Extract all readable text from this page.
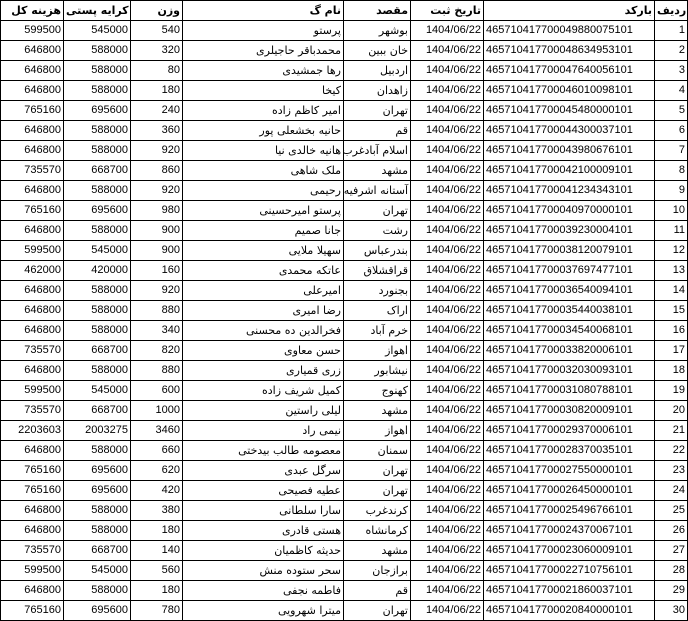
هزینه کل	کرایه پستی	وزن	نام گ	مقصد	تاریخ ثبت	بارکد	ردیف
599500	545000	540	پرستو	بوشهر	1404/06/22	465710417700049880075101	1
646800	588000	320	محمدباقر حاجیلری	خان ببین	1404/06/22	465710417700048634953101	2
646800	588000	80	رها جمشیدی	اردبیل	1404/06/22	465710417700047640056101	3
646800	588000	180	کیخا	زاهدان	1404/06/22	465710417700046010098101	4
765160	695600	240	امیر کاظم زاده	تهران	1404/06/22	465710417700045480000101	5
646800	588000	360	حانیه بخشعلی پور	قم	1404/06/22	465710417700044300037101	6
646800	588000	920	هانیه خالدی نیا	اسلام آبادغرب	1404/06/22	465710417700043980676101	7
735570	668700	860	ملک شاهی	مشهد	1404/06/22	465710417700042100009101	8
646800	588000	920	رحیمی	آستانه اشرفیه	1404/06/22	465710417700041234343101	9
765160	695600	980	پرستو امیرحسینی	تهران	1404/06/22	465710417700040970000101	10
646800	588000	900	جانا صمیم	رشت	1404/06/22	465710417700039230004101	11
599500	545000	900	سهیلا ملایی	بندرعباس	1404/06/22	465710417700038120079101	12
462000	420000	160	عاتکه محمدی	قراقشلاق	1404/06/22	465710417700037697477101	13
646800	588000	920	امیرعلی	بجنورد	1404/06/22	465710417700036540094101	14
646800	588000	880	رضا امیری	اراک	1404/06/22	465710417700035440038101	15
646800	588000	340	فخرالدین ده محسنی	خرم آباد	1404/06/22	465710417700034540068101	16
735570	668700	820	حسن معاوی	اهواز	1404/06/22	465710417700033820006101	17
646800	588000	880	زری قمیاری	نیشابور	1404/06/22	465710417700032030093101	18
599500	545000	600	کمیل شریف زاده	کهنوج	1404/06/22	465710417700031080788101	19
735570	668700	1000	لیلی راستین	مشهد	1404/06/22	465710417700030820009101	20
2203603	2003275	3460	نیمی راد	اهواز	1404/06/22	465710417700029370006101	21
646800	588000	660	معصومه طالب بیدختی	سمنان	1404/06/22	465710417700028370035101	22
765160	695600	620	سرگل عبدی	تهران	1404/06/22	465710417700027550000101	23
765160	695600	420	عطیه فصیحی	تهران	1404/06/22	465710417700026450000101	24
646800	588000	380	سارا سلطانی	کرندغرب	1404/06/22	465710417700025496766101	25
646800	588000	180	هستی قادری	کرمانشاه	1404/06/22	465710417700024370067101	26
735570	668700	140	حدیثه کاظمیان	مشهد	1404/06/22	465710417700023060009101	27
599500	545000	560	سحر ستوده منش	برازجان	1404/06/22	465710417700022710756101	28
646800	588000	180	فاطمه نجفی	قم	1404/06/22	465710417700021860037101	29
765160	695600	780	میترا شهرویی	تهران	1404/06/22	465710417700020840000101	30
